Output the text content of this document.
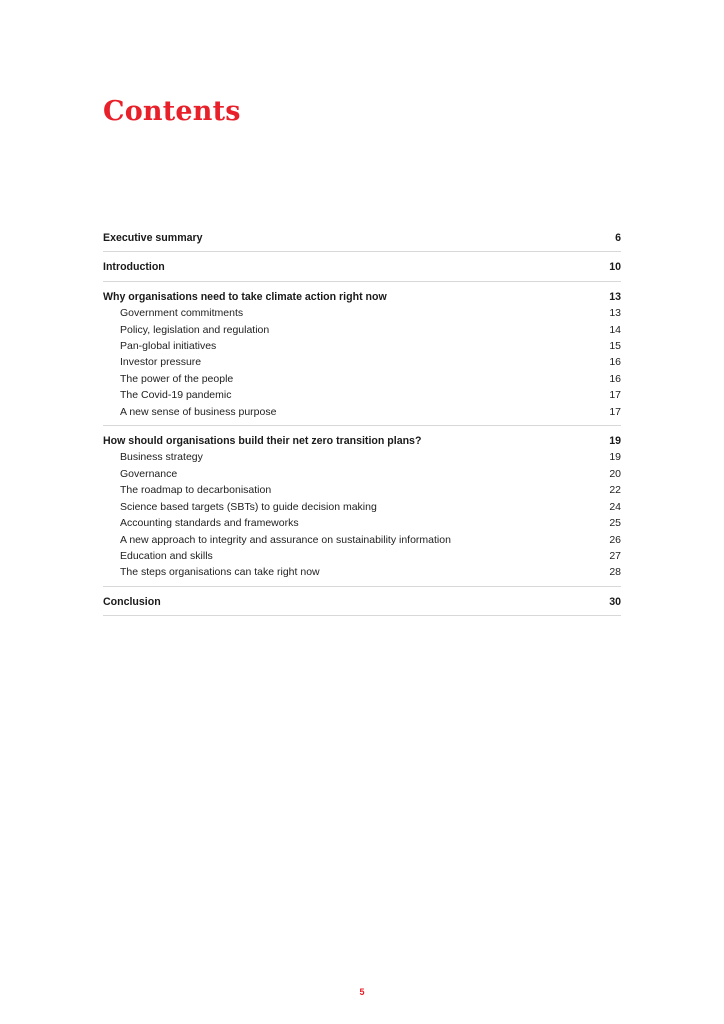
Contents
Executive summary	6
Introduction	10
Why organisations need to take climate action right now	13
Government commitments	13
Policy, legislation and regulation	14
Pan-global initiatives	15
Investor pressure	16
The power of the people	16
The Covid-19 pandemic	17
A new sense of business purpose	17
How should organisations build their net zero transition plans?	19
Business strategy	19
Governance	20
The roadmap to decarbonisation	22
Science based targets (SBTs) to guide decision making	24
Accounting standards and frameworks	25
A new approach to integrity and assurance on sustainability information	26
Education and skills	27
The steps organisations can take right now	28
Conclusion	30
5
